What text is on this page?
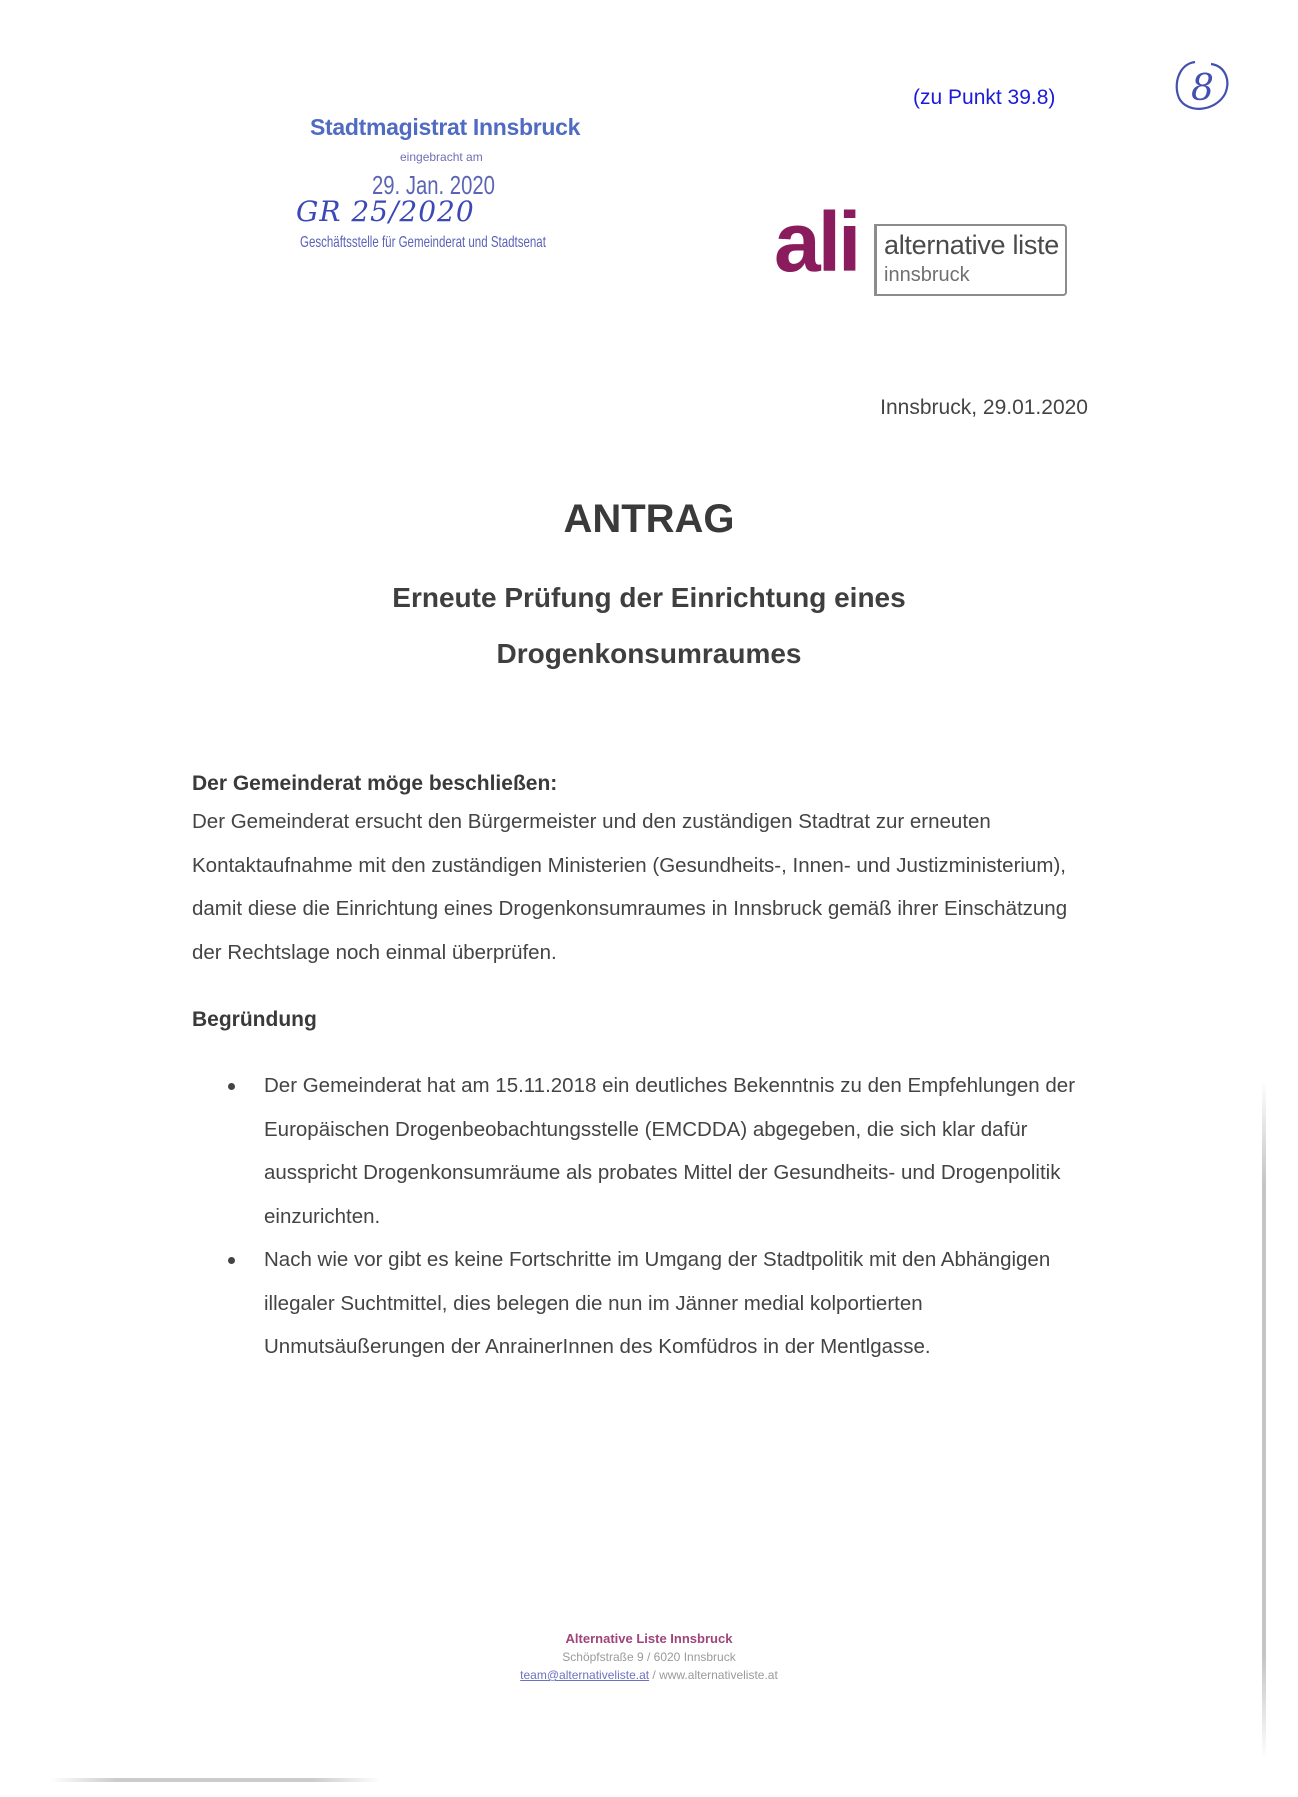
(zu Punkt 39.8)	8
Stadtmagistrat Innsbruck
eingebracht am
29. Jan. 2020
GR 25/2020
Geschäftsstelle für Gemeinderat und Stadtsenat	ali alternative liste
innsbruck
Innsbruck, 29.01.2020
ANTRAG
Erneute Prüfung der Einrichtung eines
Drogenkonsumraumes
Der Gemeinderat möge beschließen:
Der Gemeinderat ersucht den Bürgermeister und den zuständigen Stadtrat zur erneuten Kontaktaufnahme mit den zuständigen Ministerien (Gesundheits-, Innen- und Justizministerium), damit diese die Einrichtung eines Drogenkonsumraumes in Innsbruck gemäß ihrer Einschätzung der Rechtslage noch einmal überprüfen.
Begründung
Der Gemeinderat hat am 15.11.2018 ein deutliches Bekenntnis zu den Empfehlungen der Europäischen Drogenbeobachtungsstelle (EMCDDA) abgegeben, die sich klar dafür ausspricht Drogenkonsumräume als probates Mittel der Gesundheits- und Drogenpolitik einzurichten.
Nach wie vor gibt es keine Fortschritte im Umgang der Stadtpolitik mit den Abhängigen illegaler Suchtmittel, dies belegen die nun im Jänner medial kolportierten Unmutsäußerungen der AnrainerInnen des Komfüdros in der Mentlgasse.
Alternative Liste Innsbruck
Schöpfstraße 9 / 6020 Innsbruck
team@alternativeliste.at / www.alternativeliste.at
